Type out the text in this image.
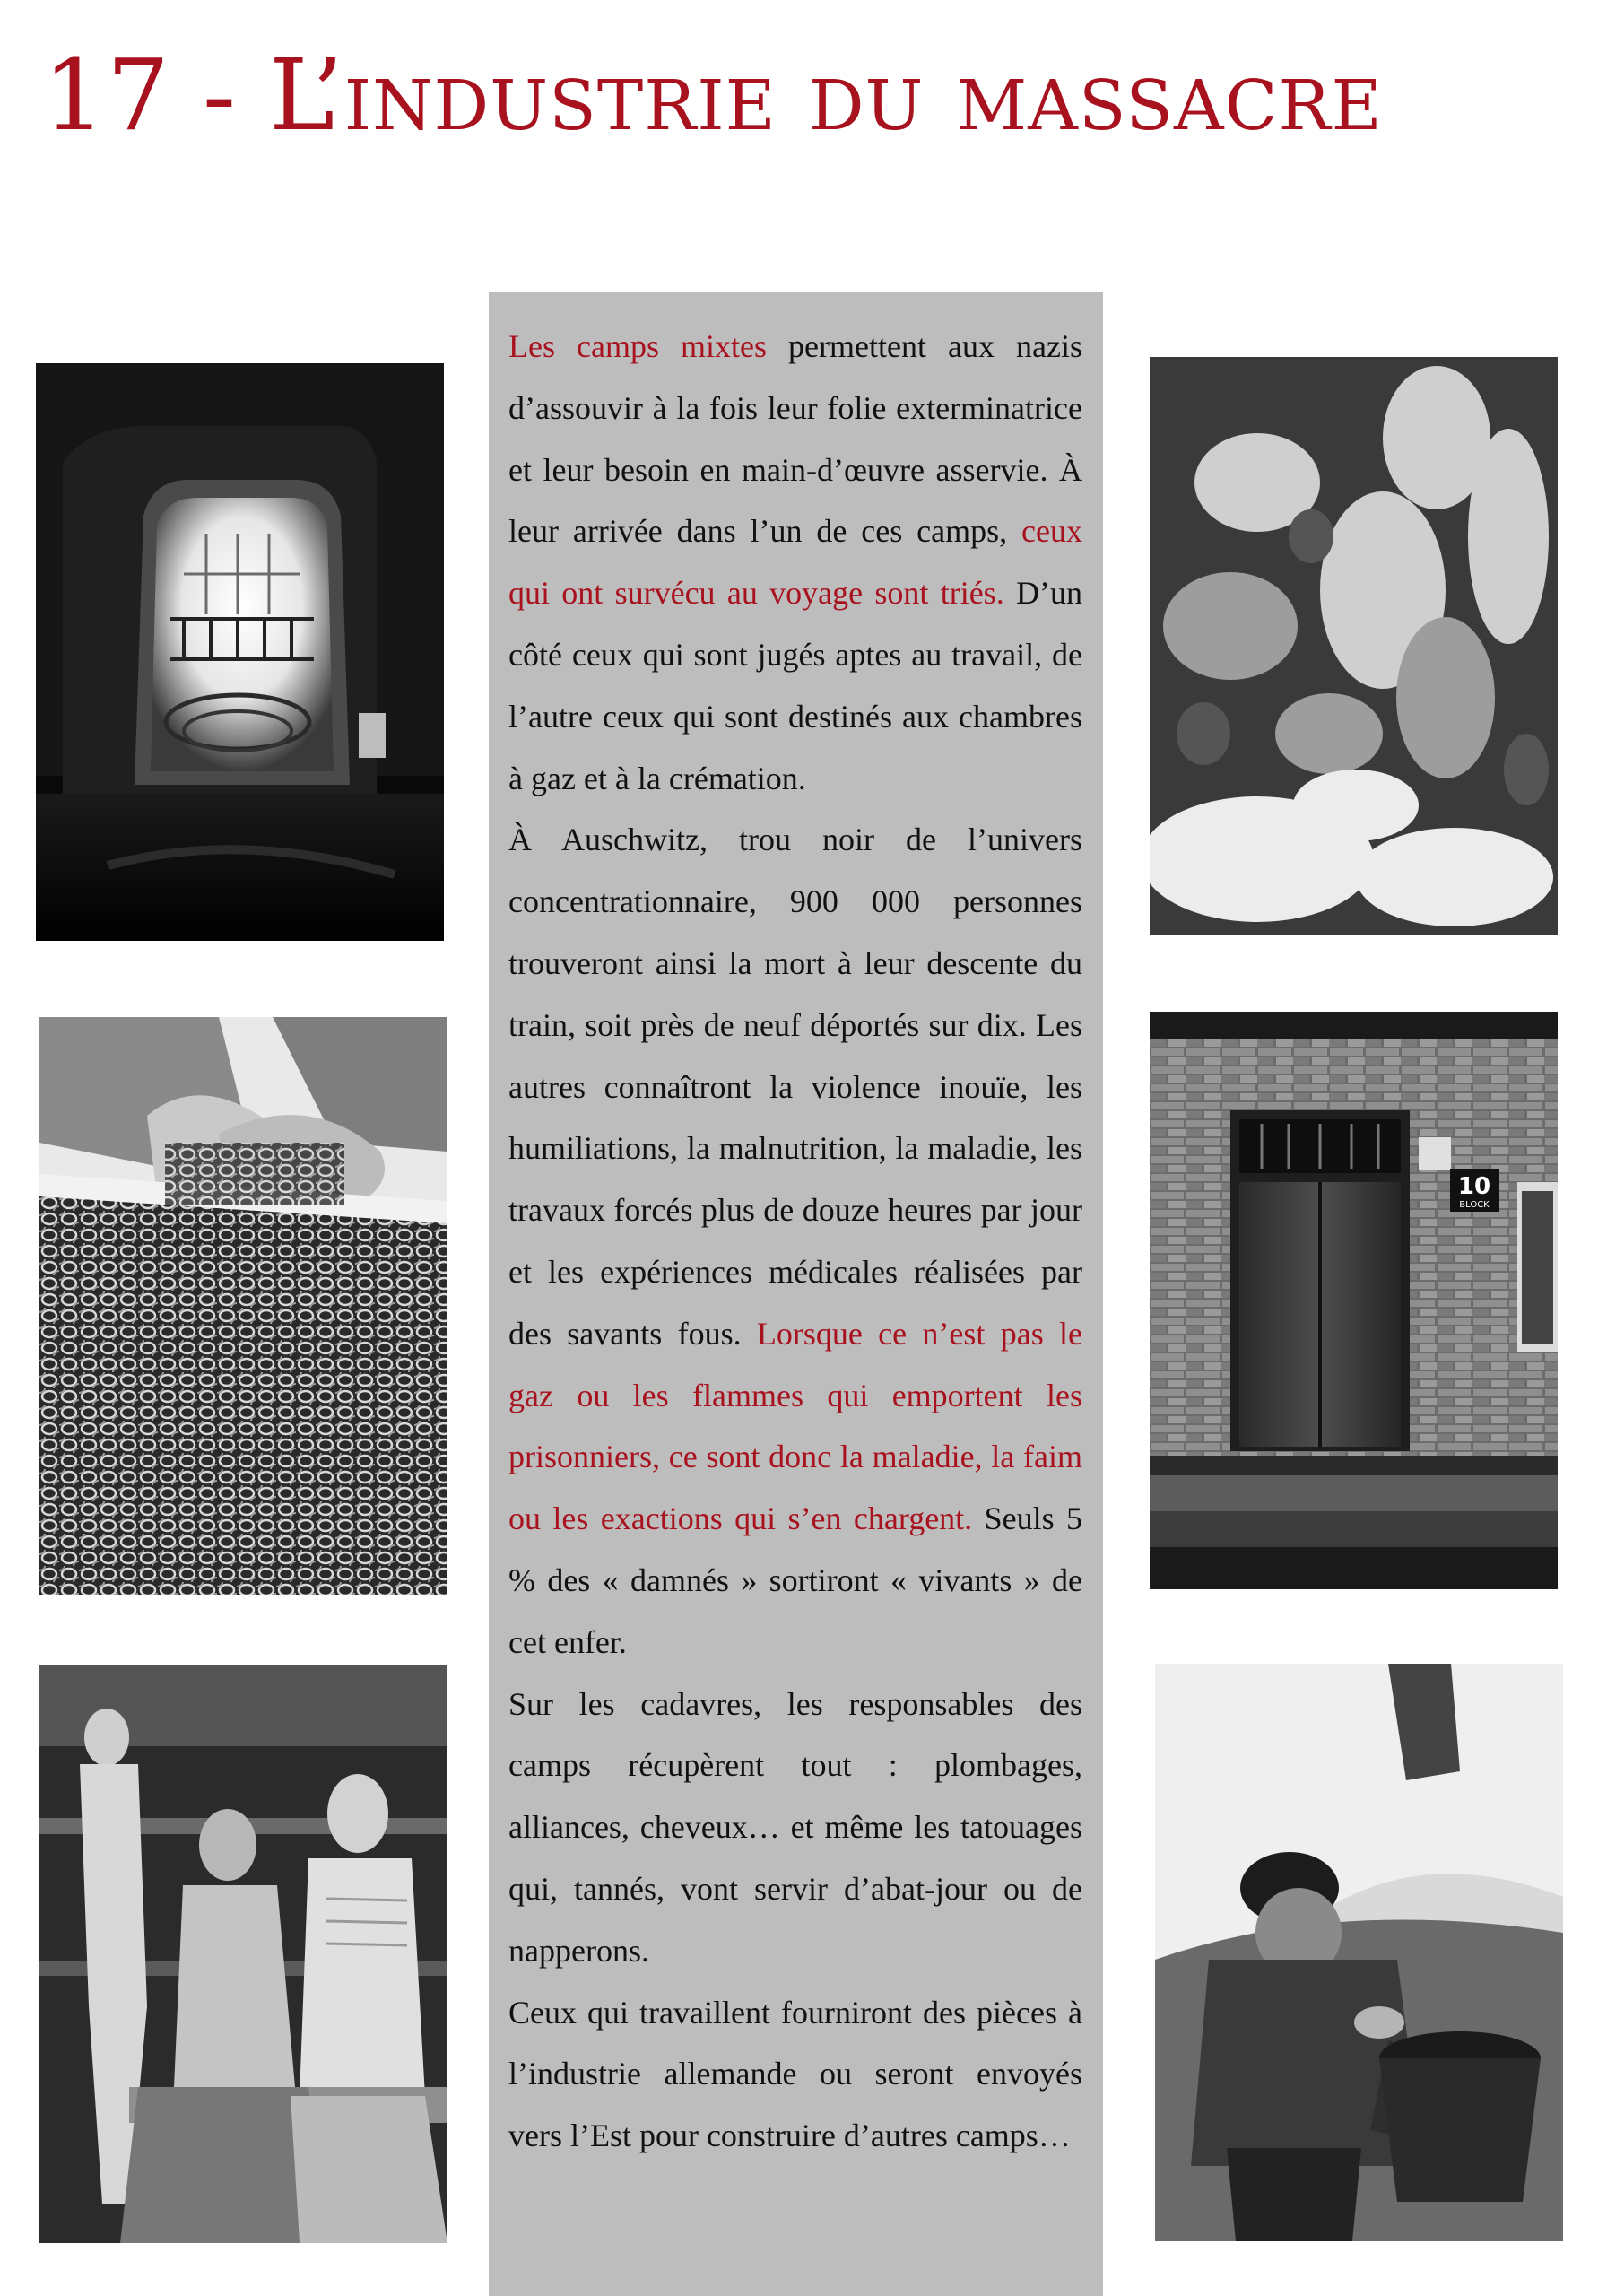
17 - L’industrie du massacre

Les camps mixtes permettent aux nazis d’assouvir à la fois leur folie exterminatrice et leur besoin en main-d’œuvre asservie. À leur arrivée dans l’un de ces camps, ceux qui ont survécu au voyage sont triés. D’un côté ceux qui sont jugés aptes au travail, de l’autre ceux qui sont destinés aux chambres à gaz et à la crémation.

À Auschwitz, trou noir de l’univers concentrationnaire, 900 000 personnes trouveront ainsi la mort à leur descente du train, soit près de neuf déportés sur dix. Les autres connaîtront la violence inouïe, les humiliations, la malnutrition, la maladie, les travaux forcés plus de douze heures par jour et les expériences médicales réalisées par des savants fous. Lorsque ce n’est pas le gaz ou les flammes qui emportent les prisonniers, ce sont donc la maladie, la faim ou les exactions qui s’en chargent. Seuls 5 % des « damnés » sortiront « vivants » de cet enfer.

Sur les cadavres, les responsables des camps récupèrent tout : plombages, alliances, cheveux… et même les tatouages qui, tannés, vont servir d’abat-jour ou de napperons.

Ceux qui travaillent fourniront des pièces à l’industrie allemande ou seront envoyés vers l’Est pour construire d’autres camps…

10
BLOCK
